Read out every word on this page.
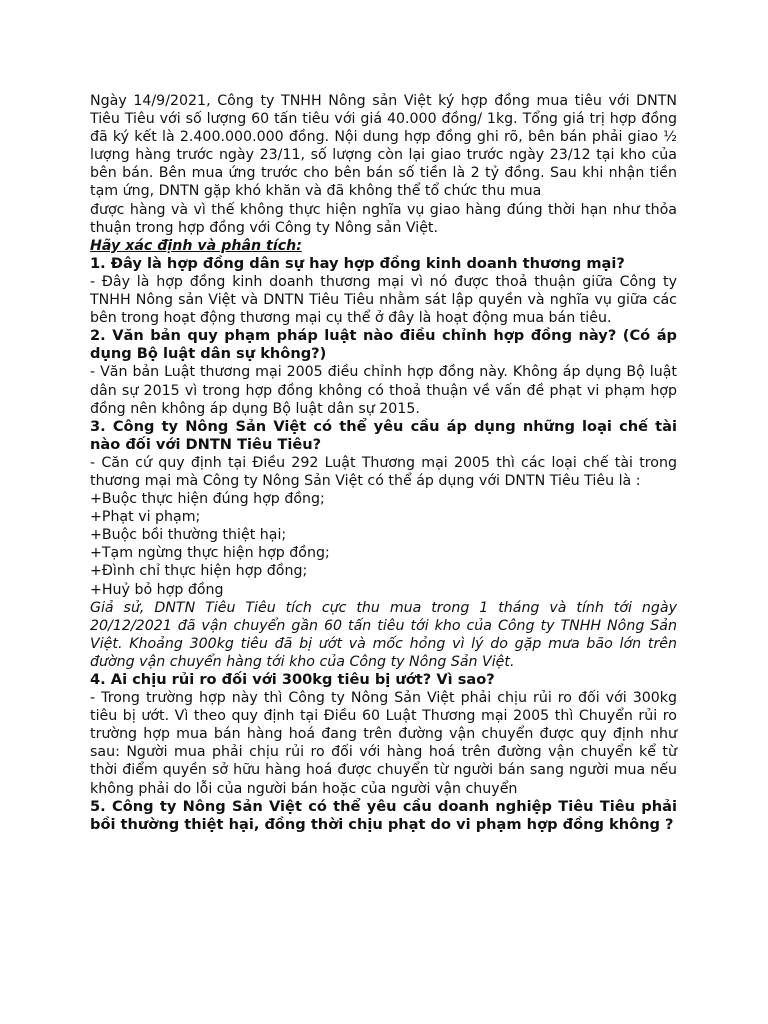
Ngày 14/9/2021, Công ty TNHH Nông sản Việt ký hợp đồng mua tiêu với DNTN Tiêu Tiêu với số lượng 60 tấn tiêu với giá 40.000 đồng/ 1kg. Tổng giá trị hợp đồng đã ký kết là 2.400.000.000 đồng. Nội dung hợp đồng ghi rõ, bên bán phải giao ½ lượng hàng trước ngày 23/11, số lượng còn lại giao trước ngày 23/12 tại kho của bên bán. Bên mua ứng trước cho bên bán số tiền là 2 tỷ đồng. Sau khi nhận tiền tạm ứng, DNTN gặp khó khăn và đã không thể tổ chức thu mua

được hàng và vì thế không thực hiện nghĩa vụ giao hàng đúng thời hạn như thỏa thuận trong hợp đồng với Công ty Nông sản Việt.

Hãy xác định và phân tích:

1. Đây là hợp đồng dân sự hay hợp đồng kinh doanh thương mại?

- Đây là hợp đồng kinh doanh thương mại vì nó được thoả thuận giữa Công ty TNHH Nông sản Việt và DNTN Tiêu Tiêu nhằm sát lập quyền và nghĩa vụ giữa các bên trong hoạt động thương mại cụ thể ở đây là hoạt động mua bán tiêu.

2. Văn bản quy phạm pháp luật nào điều chỉnh hợp đồng này? (Có áp dụng Bộ luật dân sự không?)

- Văn bản Luật thương mại 2005 điều chỉnh hợp đồng này. Không áp dụng Bộ luật dân sự 2015 vì trong hợp đồng không có thoả thuận về vấn đề phạt vi phạm hợp đồng nên không áp dụng Bộ luật dân sự 2015.

3. Công ty Nông Sản Việt có thể yêu cầu áp dụng những loại chế tài nào đối với DNTN Tiêu Tiêu?

- Căn cứ quy định tại Điều 292 Luật Thương mại 2005 thì các loại chế tài trong thương mại mà Công ty Nông Sản Việt có thể áp dụng với DNTN Tiêu Tiêu là :

+Buộc thực hiện đúng hợp đồng;

+Phạt vi phạm;

+Buộc bồi thường thiệt hại;

+Tạm ngừng thực hiện hợp đồng;

+Đình chỉ thực hiện hợp đồng;

+Huỷ bỏ hợp đồng

Giả sử, DNTN Tiêu Tiêu tích cực thu mua trong 1 tháng và tính tới ngày 20/12/2021 đã vận chuyển gần 60 tấn tiêu tới kho của Công ty TNHH Nông Sản Việt. Khoảng 300kg tiêu đã bị ướt và mốc hỏng vì lý do gặp mưa bão lớn trên đường vận chuyển hàng tới kho của Công ty Nông Sản Việt.

4. Ai chịu rủi ro đối với 300kg tiêu bị ướt? Vì sao?

- Trong trường hợp này thì Công ty Nông Sản Việt phải chịu rủi ro đối với 300kg tiêu bị ướt. Vì theo quy định tại Điều 60 Luật Thương mại 2005 thì Chuyển rủi ro trường hợp mua bán hàng hoá đang trên đường vận chuyển được quy định như sau: Người mua phải chịu rủi ro đối với hàng hoá trên đường vận chuyển kể từ thời điểm quyền sở hữu hàng hoá được chuyển từ người bán sang người mua nếu không phải do lỗi của người bán hoặc của người vận chuyển

5. Công ty Nông Sản Việt có thể yêu cầu doanh nghiệp Tiêu Tiêu phải bồi thường thiệt hại, đồng thời chịu phạt do vi phạm hợp đồng không ?
